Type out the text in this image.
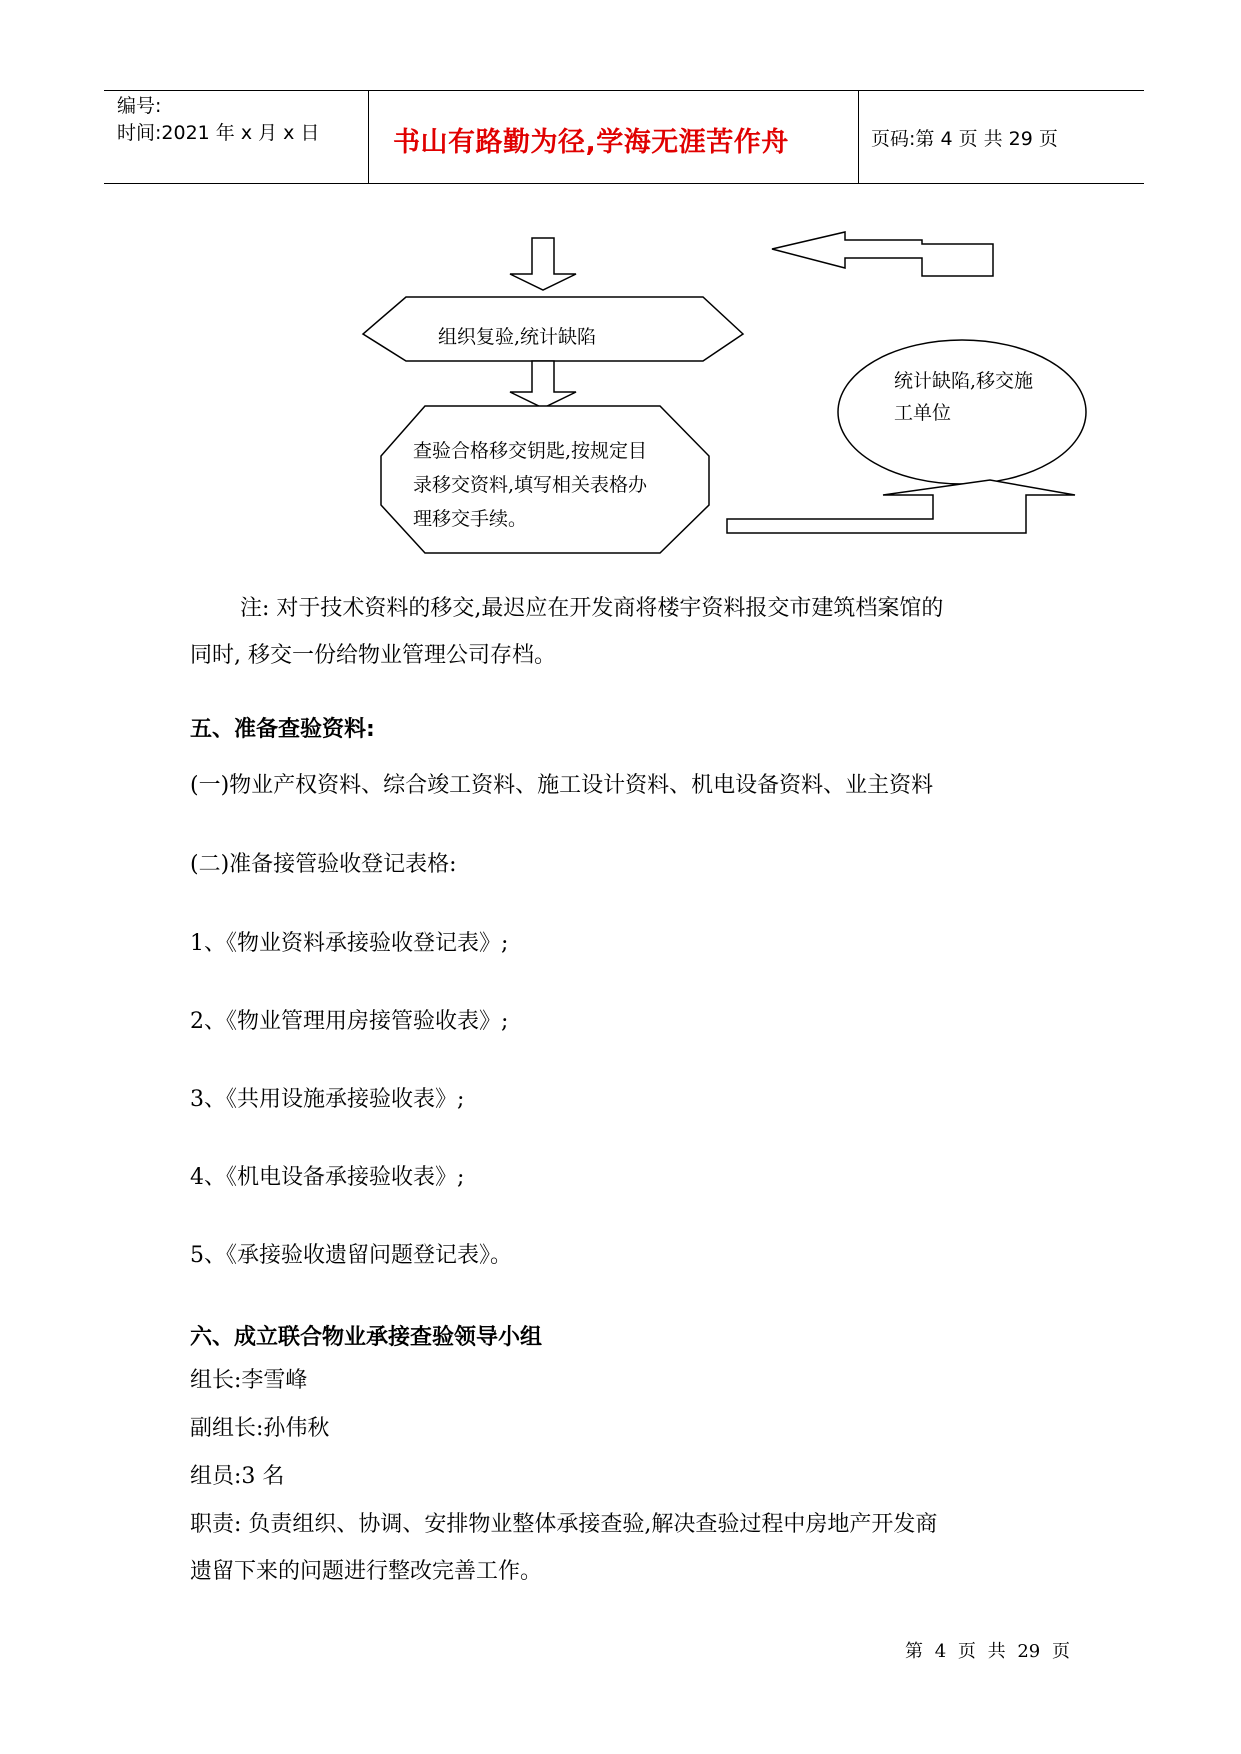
编号:
时间:2021 年 x 月 x 日	书山有路勤为径,学海无涯苦作舟	页码:第 4 页 共 29 页
组织复验,统计缺陷
查验合格移交钥匙,按规定目
录移交资料,填写相关表格办
理移交手续。
统计缺陷,移交施
工单位
注: 对于技术资料的移交,最迟应在开发商将楼宇资料报交市建筑档案馆的
同时, 移交一份给物业管理公司存档。
五、准备查验资料:
(一)物业产权资料、综合竣工资料、施工设计资料、机电设备资料、业主资料
(二)准备接管验收登记表格:
1、《物业资料承接验收登记表》;
2、《物业管理用房接管验收表》;
3、《共用设施承接验收表》;
4、《机电设备承接验收表》;
5、《承接验收遗留问题登记表》。
六、成立联合物业承接查验领导小组
组长:李雪峰
副组长:孙伟秋
组员:3 名
职责: 负责组织、协调、安排物业整体承接查验,解决查验过程中房地产开发商
遗留下来的问题进行整改完善工作。
第 4 页 共 29 页
